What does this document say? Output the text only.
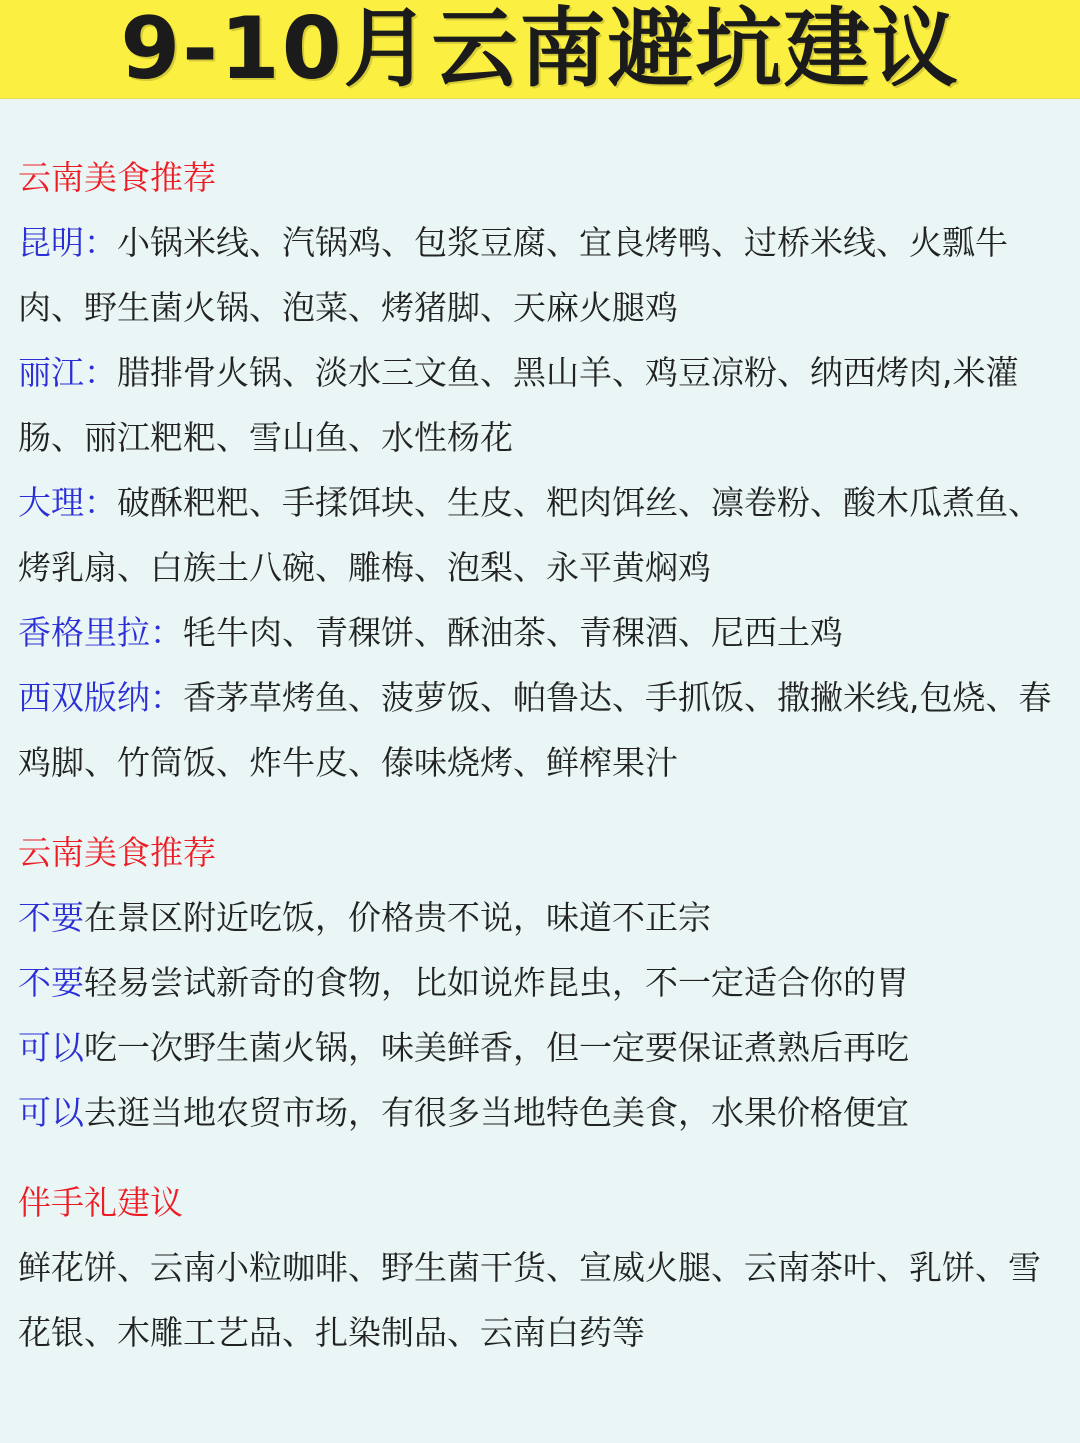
9-10月云南避坑建议
云南美食推荐

昆明：小锅米线、汽锅鸡、包浆豆腐、宜良烤鸭、过桥米线、火瓢牛肉、野生菌火锅、泡菜、烤猪脚、天麻火腿鸡

丽江：腊排骨火锅、淡水三文鱼、黑山羊、鸡豆凉粉、纳西烤肉,米灌肠、丽江粑粑、雪山鱼、水性杨花

大理：破酥粑粑、手揉饵块、生皮、粑肉饵丝、凛卷粉、酸木瓜煮鱼、烤乳扇、白族土八碗、雕梅、泡梨、永平黄焖鸡

香格里拉：牦牛肉、青稞饼、酥油茶、青稞酒、尼西土鸡

西双版纳：香茅草烤鱼、菠萝饭、帕鲁达、手抓饭、撒撇米线,包烧、春鸡脚、竹筒饭、炸牛皮、傣味烧烤、鲜榨果汁

云南美食推荐

不要在景区附近吃饭，价格贵不说，味道不正宗

不要轻易尝试新奇的食物，比如说炸昆虫，不一定适合你的胃

可以吃一次野生菌火锅，味美鲜香，但一定要保证煮熟后再吃

可以去逛当地农贸市场，有很多当地特色美食，水果价格便宜

伴手礼建议

鲜花饼、云南小粒咖啡、野生菌干货、宣威火腿、云南茶叶、乳饼、雪花银、木雕工艺品、扎染制品、云南白药等
